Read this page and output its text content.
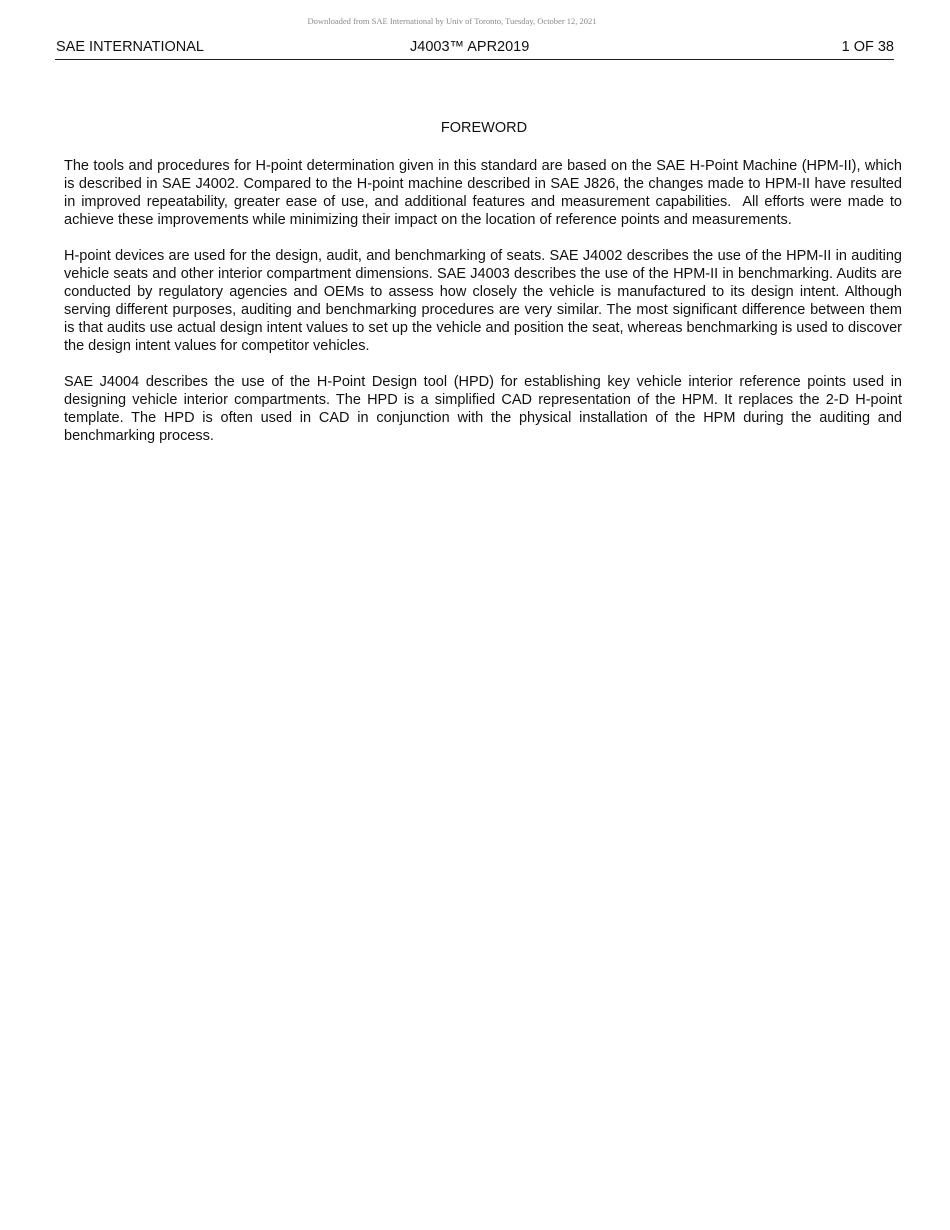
Downloaded from SAE International by Univ of Toronto, Tuesday, October 12, 2021
SAE INTERNATIONAL	J4003™ APR2019	1 OF 38
FOREWORD

The tools and procedures for H-point determination given in this standard are based on the SAE H-Point Machine (HPM-II), which is described in SAE J4002. Compared to the H-point machine described in SAE J826, the changes made to HPM-II have resulted in improved repeatability, greater ease of use, and additional features and measurement capabilities.  All efforts were made to achieve these improvements while minimizing their impact on the location of reference points and measurements.

H-point devices are used for the design, audit, and benchmarking of seats. SAE J4002 describes the use of the HPM-II in auditing vehicle seats and other interior compartment dimensions. SAE J4003 describes the use of the HPM-II in benchmarking. Audits are conducted by regulatory agencies and OEMs to assess how closely the vehicle is manufactured to its design intent. Although serving different purposes, auditing and benchmarking procedures are very similar. The most significant difference between them is that audits use actual design intent values to set up the vehicle and position the seat, whereas benchmarking is used to discover the design intent values for competitor vehicles.

SAE J4004 describes the use of the H-Point Design tool (HPD) for establishing key vehicle interior reference points used in designing vehicle interior compartments. The HPD is a simplified CAD representation of the HPM. It replaces the 2-D H-point template. The HPD is often used in CAD in conjunction with the physical installation of the HPM during the auditing and benchmarking process.
